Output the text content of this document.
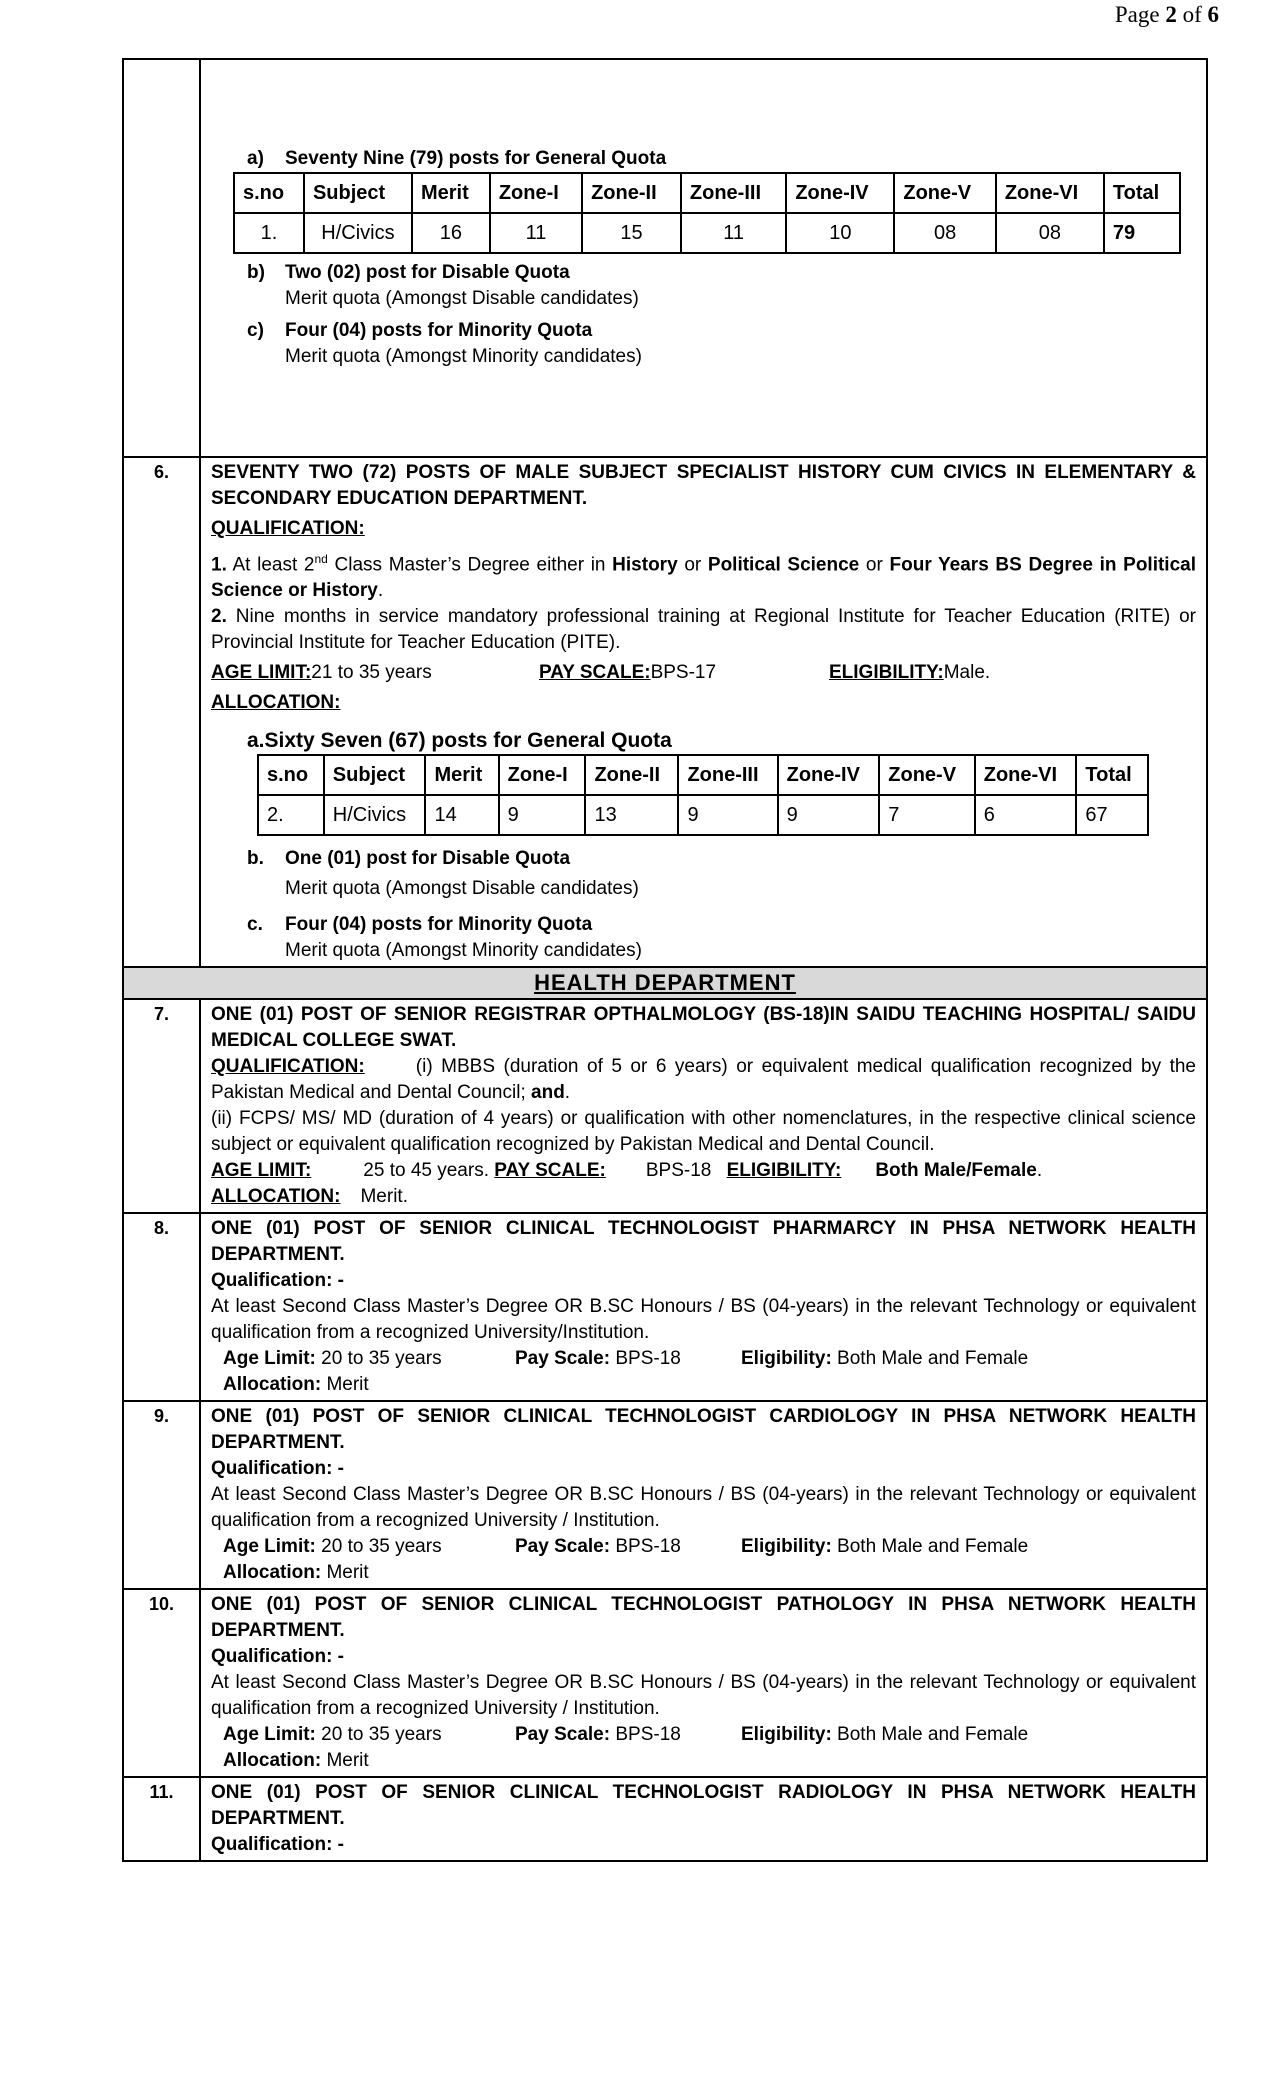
Page 2 of 6

a)	Seventy Nine (79) posts for General Quota
s.no	Subject	Merit	Zone-I	Zone-II	Zone-III	Zone-IV	Zone-V	Zone-VI	Total
1.	H/Civics	16	11	15	11	10	08	08	79
b)	Two (02) post for Disable Quota
Merit quota (Amongst Disable candidates)
c)	Four (04) posts for Minority Quota
Merit quota (Amongst Minority candidates)

6.	SEVENTY TWO (72) POSTS OF MALE SUBJECT SPECIALIST HISTORY CUM CIVICS IN ELEMENTARY & SECONDARY EDUCATION DEPARTMENT.
QUALIFICATION:
1. At least 2nd Class Master’s Degree either in History or Political Science or Four Years BS Degree in Political Science or History.
2. Nine months in service mandatory professional training at Regional Institute for Teacher Education (RITE) or Provincial Institute for Teacher Education (PITE).
AGE LIMIT:21 to 35 years	PAY SCALE:BPS-17	ELIGIBILITY:Male.
ALLOCATION:
a.Sixty Seven (67) posts for General Quota
s.no	Subject	Merit	Zone-I	Zone-II	Zone-III	Zone-IV	Zone-V	Zone-VI	Total
2.	H/Civics	14	9	13	9	9	7	6	67
b.	One (01) post for Disable Quota
Merit quota (Amongst Disable candidates)
c.	Four (04) posts for Minority Quota
Merit quota (Amongst Minority candidates)

HEALTH DEPARTMENT
7.	ONE (01) POST OF SENIOR REGISTRAR OPTHALMOLOGY (BS-18)IN SAIDU TEACHING HOSPITAL/ SAIDU MEDICAL COLLEGE SWAT.
QUALIFICATION:      (i) MBBS (duration of 5 or 6 years) or equivalent medical qualification recognized by the Pakistan Medical and Dental Council; and.
(ii) FCPS/ MS/ MD (duration of 4 years) or qualification with other nomenclatures, in the respective clinical science subject or equivalent qualification recognized by Pakistan Medical and Dental Council.
AGE LIMIT:	25 to 45 years. PAY SCALE: BPS-18 ELIGIBILITY: Both Male/Female.
ALLOCATION: Merit.

8.	ONE (01) POST OF SENIOR CLINICAL TECHNOLOGIST PHARMARCY IN PHSA NETWORK HEALTH DEPARTMENT.
Qualification: -
At least Second Class Master’s Degree OR B.SC Honours / BS (04-years) in the relevant Technology or equivalent qualification from a recognized University/Institution.
Age Limit: 20 to 35 years	Pay Scale: BPS-18	Eligibility: Both Male and Female
Allocation: Merit

9.	ONE (01) POST OF SENIOR CLINICAL TECHNOLOGIST CARDIOLOGY IN PHSA NETWORK HEALTH DEPARTMENT.
Qualification: -
At least Second Class Master’s Degree OR B.SC Honours / BS (04-years) in the relevant Technology or equivalent qualification from a recognized University / Institution.
Age Limit: 20 to 35 years	Pay Scale: BPS-18	Eligibility: Both Male and Female
Allocation: Merit

10.	ONE (01) POST OF SENIOR CLINICAL TECHNOLOGIST PATHOLOGY IN PHSA NETWORK HEALTH DEPARTMENT.
Qualification: -
At least Second Class Master’s Degree OR B.SC Honours / BS (04-years) in the relevant Technology or equivalent qualification from a recognized University / Institution.
Age Limit: 20 to 35 years	Pay Scale: BPS-18	Eligibility: Both Male and Female
Allocation: Merit

11.	ONE (01) POST OF SENIOR CLINICAL TECHNOLOGIST RADIOLOGY IN PHSA NETWORK HEALTH DEPARTMENT.
Qualification: -
